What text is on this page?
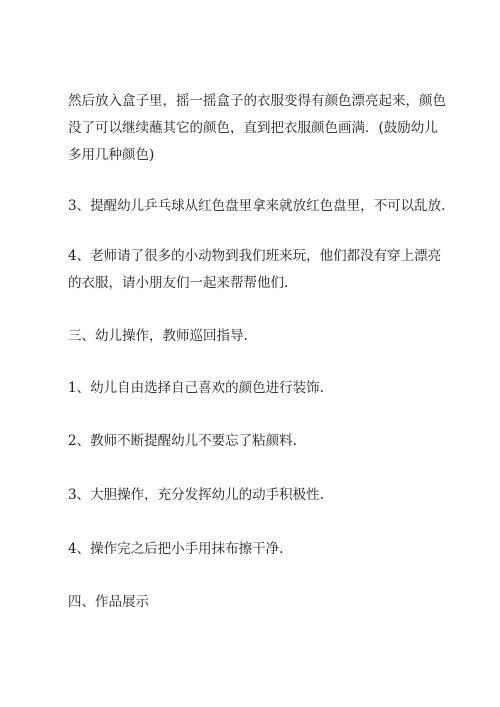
然后放入盒子里，摇一摇盒子的衣服变得有颜色漂亮起来，颜色
没了可以继续蘸其它的颜色，直到把衣服颜色画满．(鼓励幼儿
多用几种颜色)

3、提醒幼儿乒乓球从红色盘里拿来就放红色盘里，不可以乱放.

4、老师请了很多的小动物到我们班来玩，他们都没有穿上漂亮
的衣服，请小朋友们一起来帮帮他们.

三、幼儿操作，教师巡回指导.

1、幼儿自由选择自己喜欢的颜色进行装饰.

2、教师不断提醒幼儿不要忘了粘颜料.

3、大胆操作，充分发挥幼儿的动手积极性.

4、操作完之后把小手用抹布擦干净.

四、作品展示
